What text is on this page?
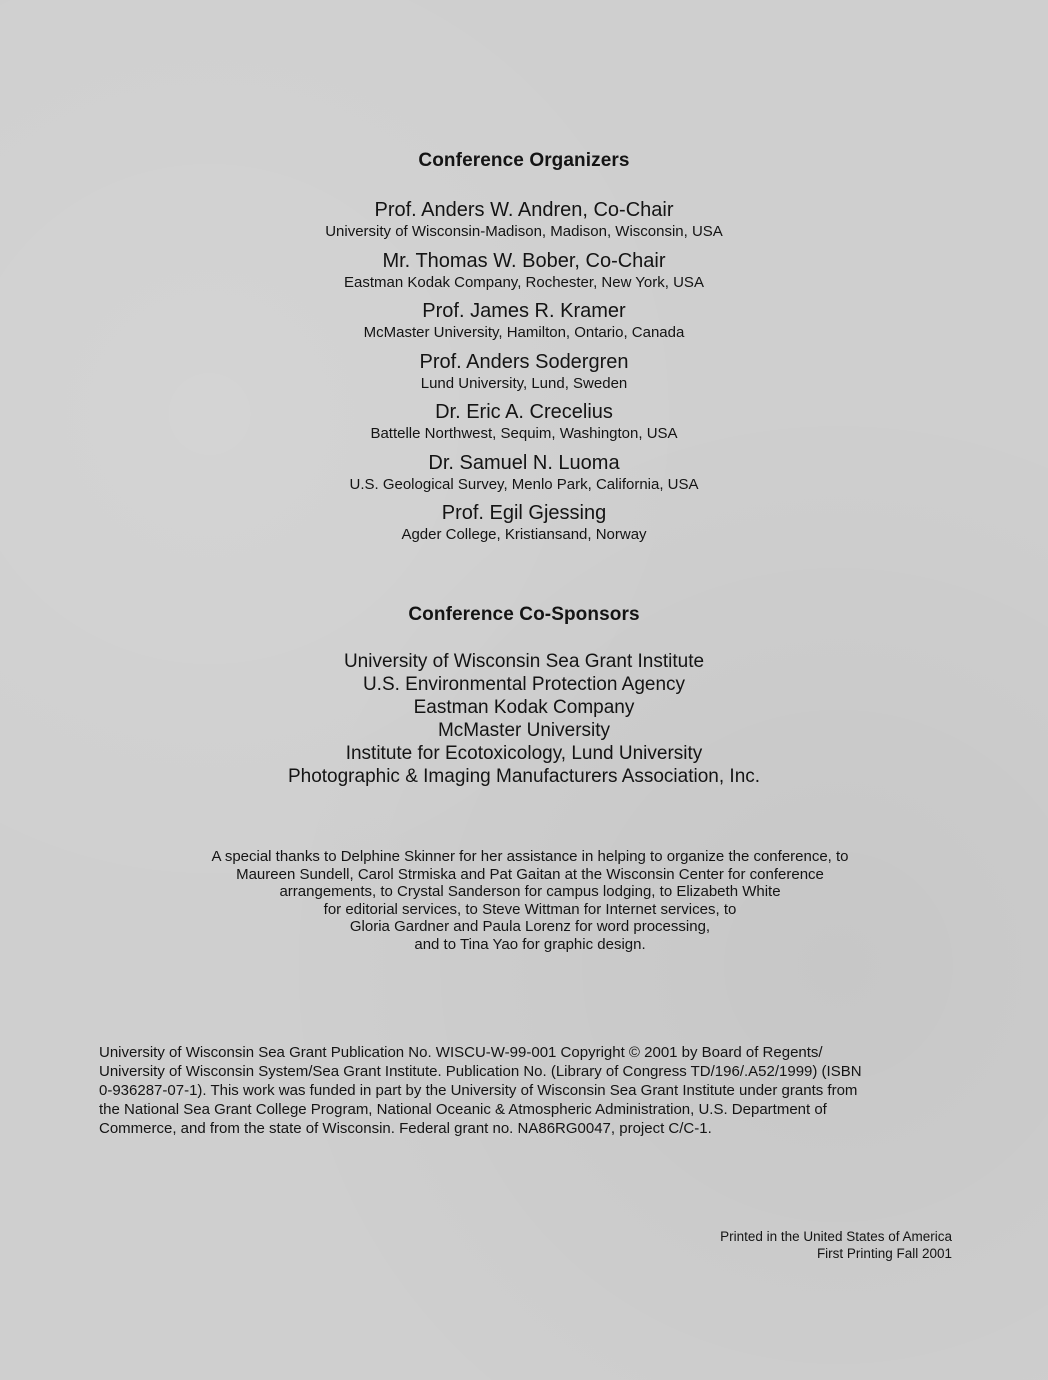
Conference Organizers
Prof. Anders W. Andren, Co-Chair
University of Wisconsin-Madison, Madison, Wisconsin, USA
Mr. Thomas W. Bober, Co-Chair
Eastman Kodak Company, Rochester, New York, USA
Prof. James R. Kramer
McMaster University, Hamilton, Ontario, Canada
Prof. Anders Sodergren
Lund University, Lund, Sweden
Dr. Eric A. Crecelius
Battelle Northwest, Sequim, Washington, USA
Dr. Samuel N. Luoma
U.S. Geological Survey, Menlo Park, California, USA
Prof. Egil Gjessing
Agder College, Kristiansand, Norway
Conference Co-Sponsors
University of Wisconsin Sea Grant Institute
U.S. Environmental Protection Agency
Eastman Kodak Company
McMaster University
Institute for Ecotoxicology, Lund University
Photographic & Imaging Manufacturers Association, Inc.

A special thanks to Delphine Skinner for her assistance in helping to organize the conference, to
Maureen Sundell, Carol Strmiska and Pat Gaitan at the Wisconsin Center for conference
arrangements, to Crystal Sanderson for campus lodging, to Elizabeth White
for editorial services, to Steve Wittman for Internet services, to
Gloria Gardner and Paula Lorenz for word processing,
and to Tina Yao for graphic design.

University of Wisconsin Sea Grant Publication No. WISCU-W-99-001 Copyright © 2001 by Board of Regents/
University of Wisconsin System/Sea Grant Institute. Publication No. (Library of Congress TD/196/.A52/1999) (ISBN
0-936287-07-1). This work was funded in part by the University of Wisconsin Sea Grant Institute under grants from
the National Sea Grant College Program, National Oceanic & Atmospheric Administration, U.S. Department of
Commerce, and from the state of Wisconsin. Federal grant no. NA86RG0047, project C/C-1.

Printed in the United States of America
First Printing Fall 2001
